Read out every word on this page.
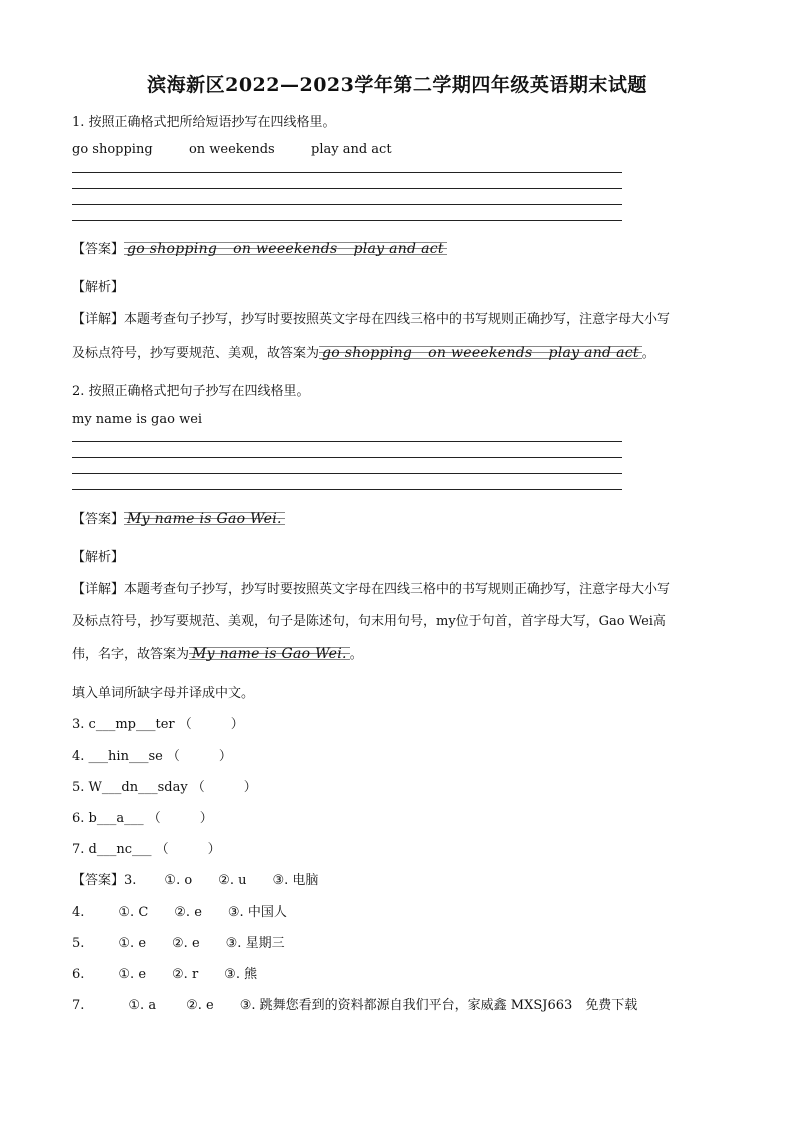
滨海新区2022—2023学年第二学期四年级英语期末试题
1. 按照正确格式把所给短语抄写在四线格里。
go shopping	on weekends	play and act
【答案】 go shopping on weeekends play and act
【解析】
【详解】本题考查句子抄写，抄写时要按照英文字母在四线三格中的书写规则正确抄写，注意字母大小写
及标点符号，抄写要规范、美观，故答案为 go shopping on weeekends play and act 。
2. 按照正确格式把句子抄写在四线格里。
my name is gao wei
【答案】 My name is Gao Wei.
【解析】
【详解】本题考查句子抄写，抄写时要按照英文字母在四线三格中的书写规则正确抄写，注意字母大小写
及标点符号，抄写要规范、美观，句子是陈述句，句末用句号，my位于句首，首字母大写，Gao Wei高
伟，名字，故答案为 My name is Gao Wei. 。
填入单词所缺字母并译成中文。
3. c___mp___ter （　　　）
4. ___hin___se （　　　）
5. W___dn___sday （　　　）
6. b___a___ （　　　）
7. d___nc___ （　　　）
【答案】3. ①. o ②. u ③. 电脑
4.	①. C ②. e ③. 中国人
5.	①. e ②. e ③. 星期三
6.	①. e ②. r ③. 熊
7.	①. a ②. e ③. 跳舞您看到的资料都源自我们平台，家威鑫 MXSJ663　免费下载
